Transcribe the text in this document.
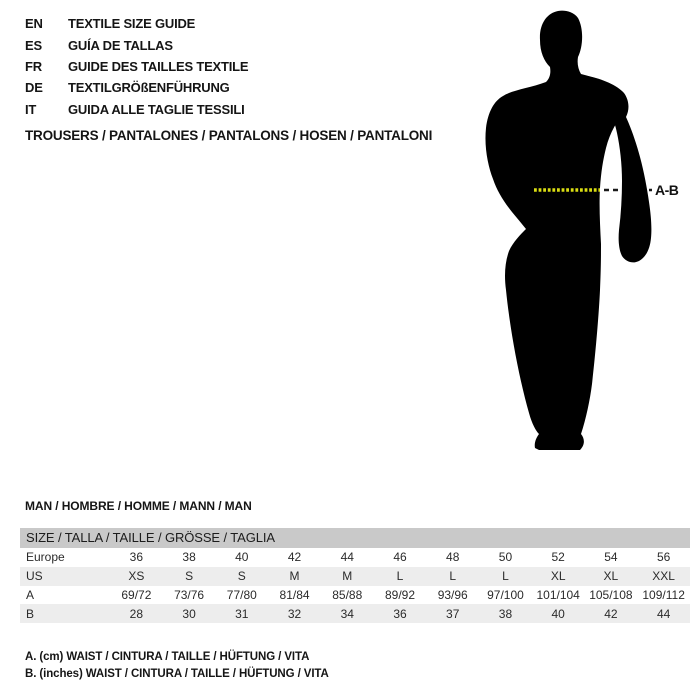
EN	TEXTILE SIZE GUIDE
ES	GUÍA DE TALLAS
FR	GUIDE DES TAILLES TEXTILE
DE	TEXTILGRÖßENFÜHRUNG
IT	GUIDA ALLE TAGLIE TESSILI
TROUSERS / PANTALONES / PANTALONS / HOSEN / PANTALONI
A-B
MAN / HOMBRE / HOMME / MANN / MAN
SIZE / TALLA / TAILLE / GRÖSSE / TAGLIA
Europe	36	38	40	42	44	46	48	50	52	54	56
US	XS	S	S	M	M	L	L	L	XL	XL	XXL
A	69/72	73/76	77/80	81/84	85/88	89/92	93/96	97/100	101/104 105/108 109/112
B	28	30	31	32	34	36	37	38	40	42	44
A. (cm) WAIST / CINTURA / TAILLE / HÜFTUNG / VITA
B. (inches) WAIST / CINTURA / TAILLE / HÜFTUNG / VITA
